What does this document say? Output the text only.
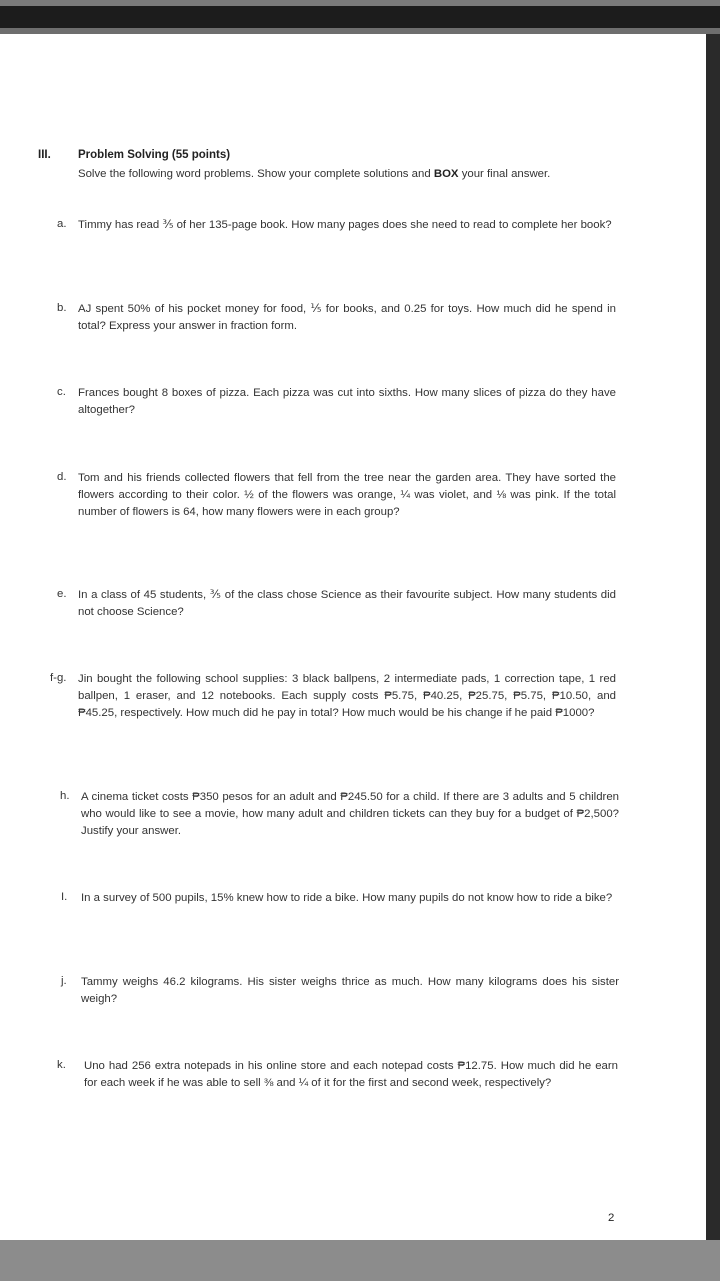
III. Problem Solving (55 points)
Solve the following word problems. Show your complete solutions and BOX your final answer.
a. Timmy has read ⅗ of her 135-page book. How many pages does she need to read to complete her book?
b. AJ spent 50% of his pocket money for food, ⅕ for books, and 0.25 for toys. How much did he spend in total? Express your answer in fraction form.
c. Frances bought 8 boxes of pizza. Each pizza was cut into sixths. How many slices of pizza do they have altogether?
d. Tom and his friends collected flowers that fell from the tree near the garden area. They have sorted the flowers according to their color. ½ of the flowers was orange, ¼ was violet, and ⅛ was pink. If the total number of flowers is 64, how many flowers were in each group?
e. In a class of 45 students, ⅗ of the class chose Science as their favourite subject. How many students did not choose Science?
f-g. Jin bought the following school supplies: 3 black ballpens, 2 intermediate pads, 1 correction tape, 1 red ballpen, 1 eraser, and 12 notebooks. Each supply costs ₱5.75, ₱40.25, ₱25.75, ₱5.75, ₱10.50, and ₱45.25, respectively. How much did he pay in total? How much would be his change if he paid ₱1000?
h. A cinema ticket costs ₱350 pesos for an adult and ₱245.50 for a child. If there are 3 adults and 5 children who would like to see a movie, how many adult and children tickets can they buy for a budget of ₱2,500? Justify your answer.
I. In a survey of 500 pupils, 15% knew how to ride a bike. How many pupils do not know how to ride a bike?
j. Tammy weighs 46.2 kilograms. His sister weighs thrice as much. How many kilograms does his sister weigh?
k. Uno had 256 extra notepads in his online store and each notepad costs ₱12.75. How much did he earn for each week if he was able to sell ⅜ and ¼ of it for the first and second week, respectively?
2
